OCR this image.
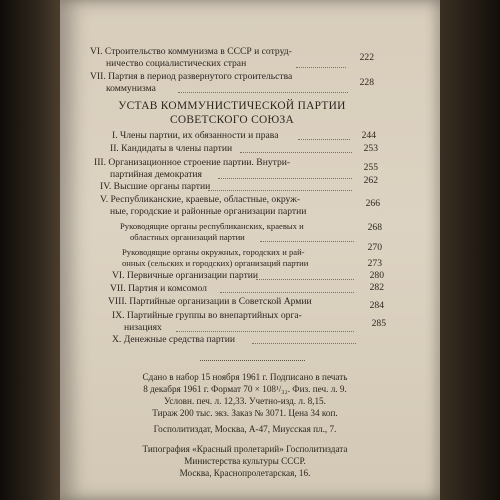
VI. Строительство коммунизма в СССР и сотруд-
ничество социалистических стран
222
VII. Партия в период развернутого строительства
коммунизма
228
УСТАВ КОММУНИСТИЧЕСКОЙ ПАРТИИ
СОВЕТСКОГО СОЮЗА
I. Члены партии, их обязанности и права	244
II. Кандидаты в члены партии	253
III. Организационное строение партии. Внутри-
партийная демократия
255
IV. Высшие органы партии
262
V. Республиканские, краевые, областные, окруж-
ные, городские и районные организации партии
266
Руководящие органы республиканских, краевых и
областных организаций партии
268
Руководящие органы окружных, городских и рай-
онных (сельских и городских) организаций партии
270
VI. Первичные организации партии
273
VII. Партия и комсомол
280
VIII. Партийные организации в Советской Армии
282
IX. Партийные группы во внепартийных орга-
низациях
284
X. Денежные средства партии
285
Сдано в набор 15 ноября 1961 г. Подписано в печать
8 декабря 1961 г. Формат 70 × 108¹/₃₂. Физ. печ. л. 9.
Условн. печ. л. 12,33. Учетно-изд. л. 8,15.
Тираж 200 тыс. экз. Заказ № 3071. Цена 34 коп.
Госполитиздат, Москва, А-47, Миусская пл., 7.
Типография «Красный пролетарий» Госполитиздата
Министерства культуры СССР.
Москва, Краснопролетарская, 16.
